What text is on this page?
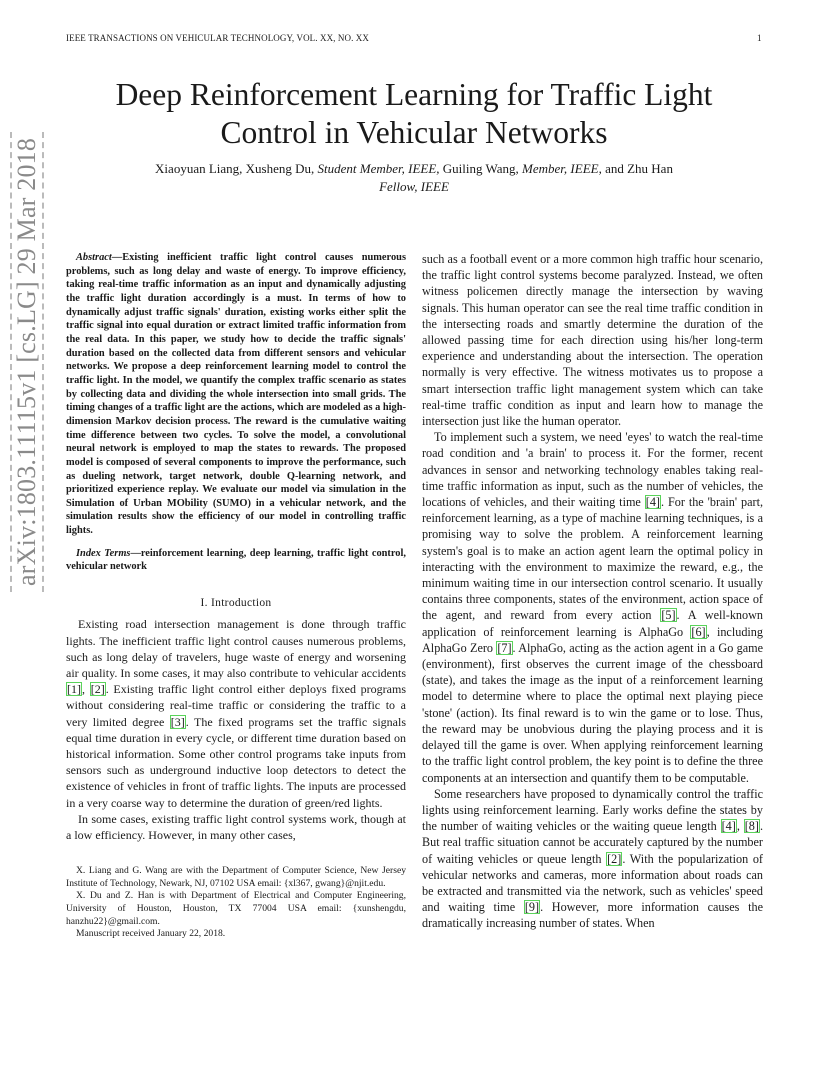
IEEE TRANSACTIONS ON VEHICULAR TECHNOLOGY, VOL. XX, NO. XX	1
Deep Reinforcement Learning for Traffic Light
Control in Vehicular Networks
Xiaoyuan Liang, Xusheng Du, Student Member, IEEE, Guiling Wang, Member, IEEE, and Zhu Han
Fellow, IEEE
arXiv:1803.11115v1 [cs.LG] 29 Mar 2018	Abstract—Existing inefficient traffic light control causes numerous problems, such as long delay and waste of energy. To improve efficiency, taking real-time traffic information as an input and dynamically adjusting the traffic light duration accordingly is a must. In terms of how to dynamically adjust traffic signals' duration, existing works either split the traffic signal into equal duration or extract limited traffic information from the real data. In this paper, we study how to decide the traffic signals' duration based on the collected data from different sensors and vehicular networks. We propose a deep reinforcement learning model to control the traffic light. In the model, we quantify the complex traffic scenario as states by collecting data and dividing the whole intersection into small grids. The timing changes of a traffic light are the actions, which are modeled as a high-dimension Markov decision process. The reward is the cumulative waiting time difference between two cycles. To solve the model, a convolutional neural network is employed to map the states to rewards. The proposed model is composed of several components to improve the performance, such as dueling network, target network, double Q-learning network, and prioritized experience replay. We evaluate our model via simulation in the Simulation of Urban MObility (SUMO) in a vehicular network, and the simulation results show the efficiency of our model in controlling traffic lights.

Index Terms—reinforcement learning, deep learning, traffic light control, vehicular network

I. Introduction

Existing road intersection management is done through traffic lights. The inefficient traffic light control causes numerous problems, such as long delay of travelers, huge waste of energy and worsening air quality. In some cases, it may also contribute to vehicular accidents [1], [2]. Existing traffic light control either deploys fixed programs without considering real-time traffic or considering the traffic to a very limited degree [3]. The fixed programs set the traffic signals equal time duration in every cycle, or different time duration based on historical information. Some other control programs take inputs from sensors such as underground inductive loop detectors to detect the existence of vehicles in front of traffic lights. The inputs are processed in a very coarse way to determine the duration of green/red lights.

In some cases, existing traffic light control systems work, though at a low efficiency. However, in many other cases,

X. Liang and G. Wang are with the Department of Computer Science, New Jersey Institute of Technology, Newark, NJ, 07102 USA email: {xl367, gwang}@njit.edu.

X. Du and Z. Han is with Department of Electrical and Computer Engineering, University of Houston, Houston, TX 77004 USA email: {xunshengdu, hanzhu22}@gmail.com.

Manuscript received January 22, 2018.

such as a football event or a more common high traffic hour scenario, the traffic light control systems become paralyzed. Instead, we often witness policemen directly manage the intersection by waving signals. This human operator can see the real time traffic condition in the intersecting roads and smartly determine the duration of the allowed passing time for each direction using his/her long-term experience and understanding about the intersection. The operation normally is very effective. The witness motivates us to propose a smart intersection traffic light management system which can take real-time traffic condition as input and learn how to manage the intersection just like the human operator.

To implement such a system, we need 'eyes' to watch the real-time road condition and 'a brain' to process it. For the former, recent advances in sensor and networking technology enables taking real-time traffic information as input, such as the number of vehicles, the locations of vehicles, and their waiting time [4]. For the 'brain' part, reinforcement learning, as a type of machine learning techniques, is a promising way to solve the problem. A reinforcement learning system's goal is to make an action agent learn the optimal policy in interacting with the environment to maximize the reward, e.g., the minimum waiting time in our intersection control scenario. It usually contains three components, states of the environment, action space of the agent, and reward from every action [5]. A well-known application of reinforcement learning is AlphaGo [6], including AlphaGo Zero [7]. AlphaGo, acting as the action agent in a Go game (environment), first observes the current image of the chessboard (state), and takes the image as the input of a reinforcement learning model to determine where to place the optimal next playing piece 'stone' (action). Its final reward is to win the game or to lose. Thus, the reward may be unobvious during the playing process and it is delayed till the game is over. When applying reinforcement learning to the traffic light control problem, the key point is to define the three components at an intersection and quantify them to be computable.

Some researchers have proposed to dynamically control the traffic lights using reinforcement learning. Early works define the states by the number of waiting vehicles or the waiting queue length [4], [8]. But real traffic situation cannot be accurately captured by the number of waiting vehicles or queue length [2]. With the popularization of vehicular networks and cameras, more information about roads can be extracted and transmitted via the network, such as vehicles' speed and waiting time [9]. However, more information causes the dramatically increasing number of states. When
